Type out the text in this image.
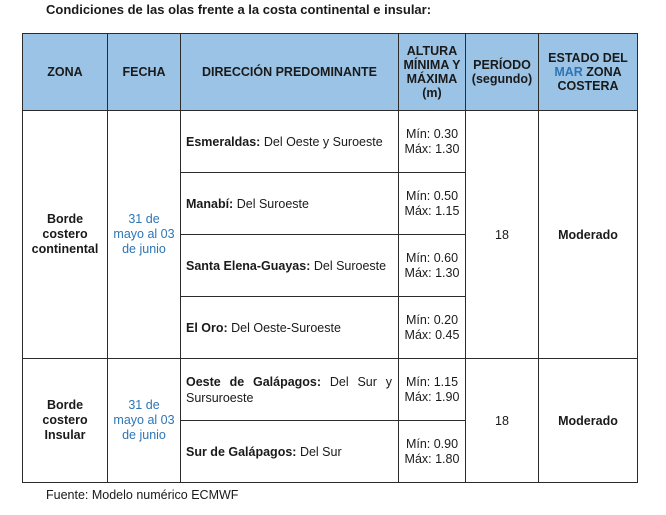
Condiciones de las olas frente a la costa continental e insular:
ZONA	FECHA	DIRECCIÓN PREDOMINANTE	ALTURA MÍNIMA Y MÁXIMA (m)	PERÍODO (segundo)	ESTADO DEL MAR ZONA COSTERA
Borde costero continental	31 de mayo al 03 de junio	Esmeraldas: Del Oeste y Suroeste	Mín: 0.30
Máx: 1.30	18	Moderado
		Manabí: Del Suroeste	Mín: 0.50
Máx: 1.15		

		Santa Elena-Guayas: Del Suroeste	Mín: 0.60
Máx: 1.30		

		El Oro: Del Oeste-Suroeste	Mín: 0.20
Máx: 0.45		

Borde costero Insular	31 de mayo al 03 de junio	Oeste de Galápagos: Del Sur y Sursuroeste	Mín: 1.15
Máx: 1.90	18	Moderado
		Sur de Galápagos: Del Sur	Mín: 0.90
Máx: 1.80		
Fuente: Modelo numérico ECMWF
